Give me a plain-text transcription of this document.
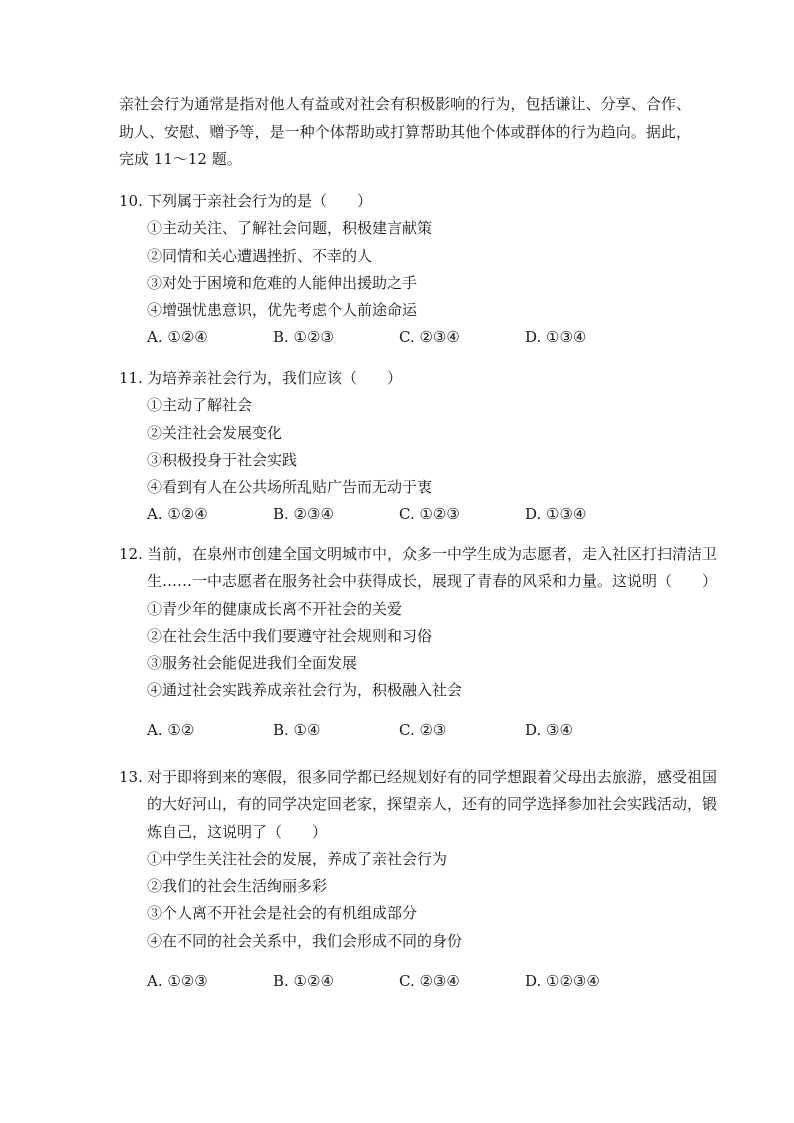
亲社会行为通常是指对他人有益或对社会有积极影响的行为，包括谦让、分享、合作、助人、安慰、赠予等，是一种个体帮助或打算帮助其他个体或群体的行为趋向。据此，完成 11～12 题。

10. 下列属于亲社会行为的是（　　）
①主动关注、了解社会问题，积极建言献策
②同情和关心遭遇挫折、不幸的人
③对处于困境和危难的人能伸出援助之手
④增强忧患意识，优先考虑个人前途命运
A. ①②④	B. ①②③	C. ②③④	D. ①③④
11. 为培养亲社会行为，我们应该（　　）
①主动了解社会
②关注社会发展变化
③积极投身于社会实践
④看到有人在公共场所乱贴广告而无动于衷
A. ①②④	B. ②③④	C. ①②③	D. ①③④
12. 当前，在泉州市创建全国文明城市中，众多一中学生成为志愿者，走入社区打扫清洁卫
生……一中志愿者在服务社会中获得成长，展现了青春的风采和力量。这说明（　　）
①青少年的健康成长离不开社会的关爱
②在社会生活中我们要遵守社会规则和习俗
③服务社会能促进我们全面发展
④通过社会实践养成亲社会行为，积极融入社会
A. ①②	B. ①④	C. ②③	D. ③④
13. 对于即将到来的寒假，很多同学都已经规划好有的同学想跟着父母出去旅游，感受祖国
的大好河山，有的同学决定回老家，探望亲人，还有的同学选择参加社会实践活动，锻
炼自己，这说明了（　　）
①中学生关注社会的发展，养成了亲社会行为
②我们的社会生活绚丽多彩
③个人离不开社会是社会的有机组成部分
④在不同的社会关系中，我们会形成不同的身份
A. ①②③	B. ①②④	C. ②③④	D. ①②③④
